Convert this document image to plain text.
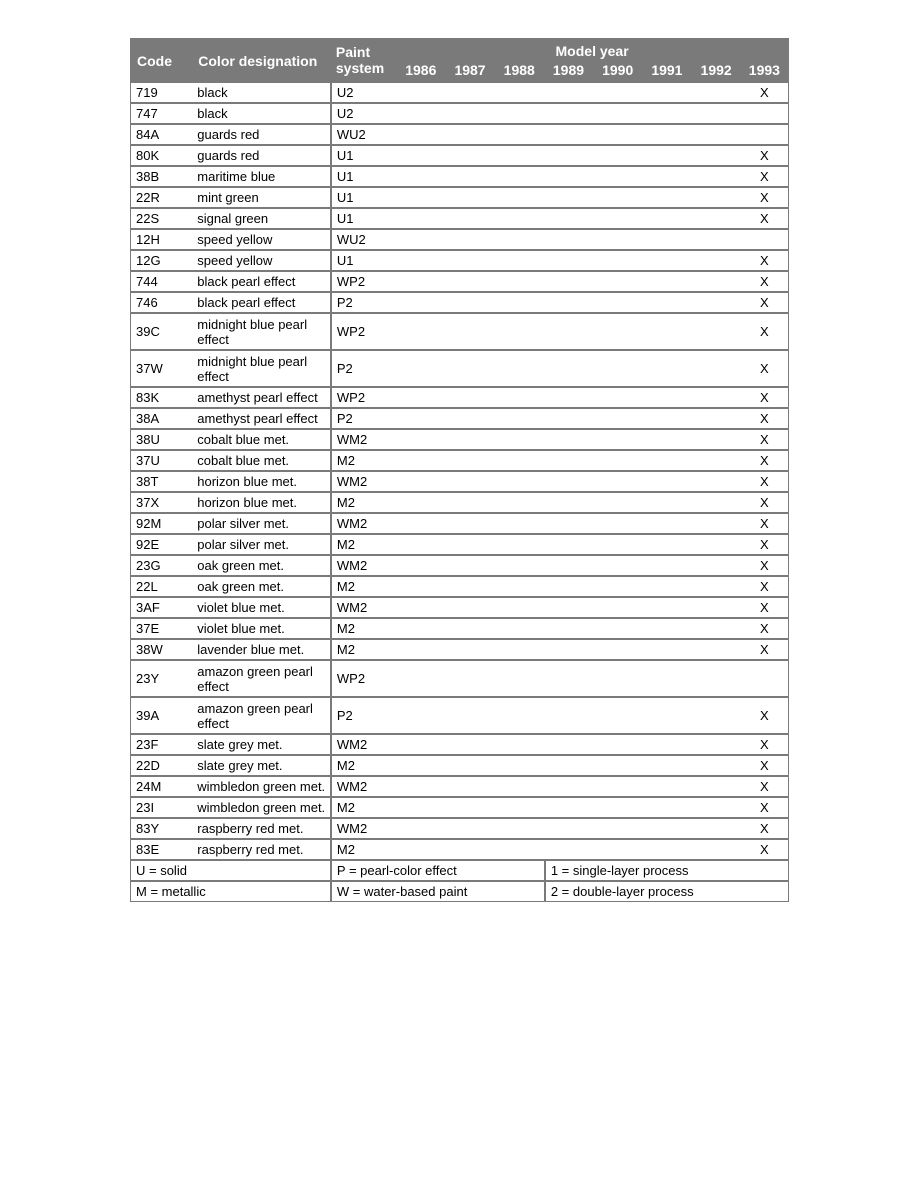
Code	Color designation	Paint system	Model year							
			1986	1987	1988	1989	1990	1991	1992	1993
719	black	U2								X
747	black	U2								
84A	guards red	WU2								
80K	guards red	U1								X
38B	maritime blue	U1								X
22R	mint green	U1								X
22S	signal green	U1								X
12H	speed yellow	WU2								
12G	speed yellow	U1								X
744	black pearl effect	WP2								X
746	black pearl effect	P2								X
39C	midnight blue pearl effect	WP2								X
37W	midnight blue pearl effect	P2								X
83K	amethyst pearl effect	WP2								X
38A	amethyst pearl effect	P2								X
38U	cobalt blue met.	WM2								X
37U	cobalt blue met.	M2								X
38T	horizon blue met.	WM2								X
37X	horizon blue met.	M2								X
92M	polar silver met.	WM2								X
92E	polar silver met.	M2								X
23G	oak green met.	WM2								X
22L	oak green met.	M2								X
3AF	violet blue met.	WM2								X
37E	violet blue met.	M2								X
38W	lavender blue met.	M2								X
23Y	amazon green pearl effect	WP2								
39A	amazon green pearl effect	P2								X
23F	slate grey met.	WM2								X
22D	slate grey met.	M2								X
24M	wimbledon green met.	WM2								X
23I	wimbledon green met.	M2								X
83Y	raspberry red met.	WM2								X
83E	raspberry red met.	M2								X
U = solid		P = pearl-color effect				1 = single-layer process				
M = metallic		W = water-based paint				2 = double-layer process				
